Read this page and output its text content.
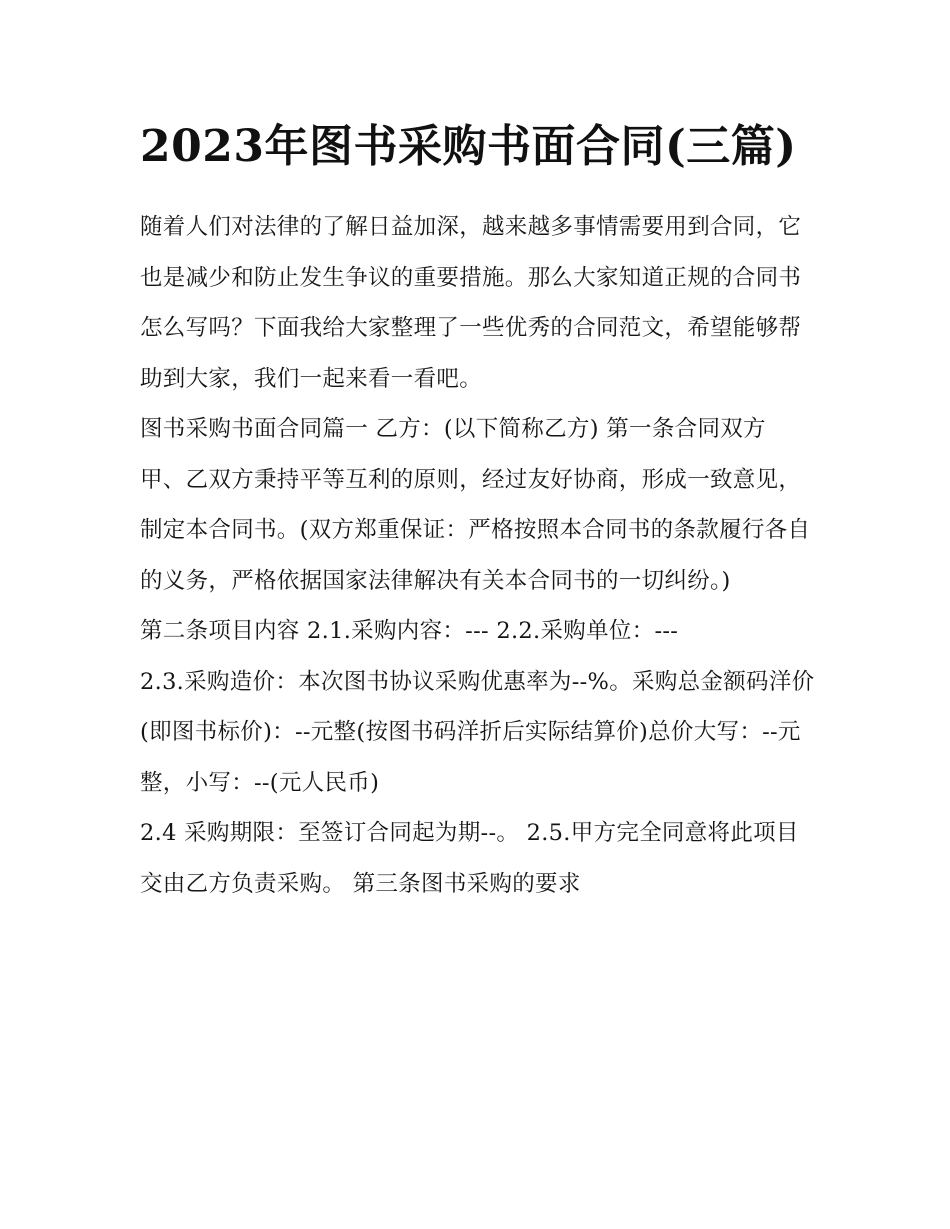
2023年图书采购书面合同(三篇)

随着人们对法律的了解日益加深，越来越多事情需要用到合同，它也是减少和防止发生争议的重要措施。那么大家知道正规的合同书怎么写吗？下面我给大家整理了一些优秀的合同范文，希望能够帮助到大家，我们一起来看一看吧。

图书采购书面合同篇一 乙方：(以下简称乙方) 第一条合同双方

甲、乙双方秉持平等互利的原则，经过友好协商，形成一致意见，制定本合同书。(双方郑重保证：严格按照本合同书的条款履行各自的义务，严格依据国家法律解决有关本合同书的一切纠纷。)

第二条项目内容 2.1.采购内容：--- 2.2.采购单位：---

2.3.采购造价：本次图书协议采购优惠率为--%。采购总金额码洋价(即图书标价)：--元整(按图书码洋折后实际结算价)总价大写：--元整，小写：--(元人民币)

2.4 采购期限：至签订合同起为期--。 2.5.甲方完全同意将此项目交由乙方负责采购。 第三条图书采购的要求
